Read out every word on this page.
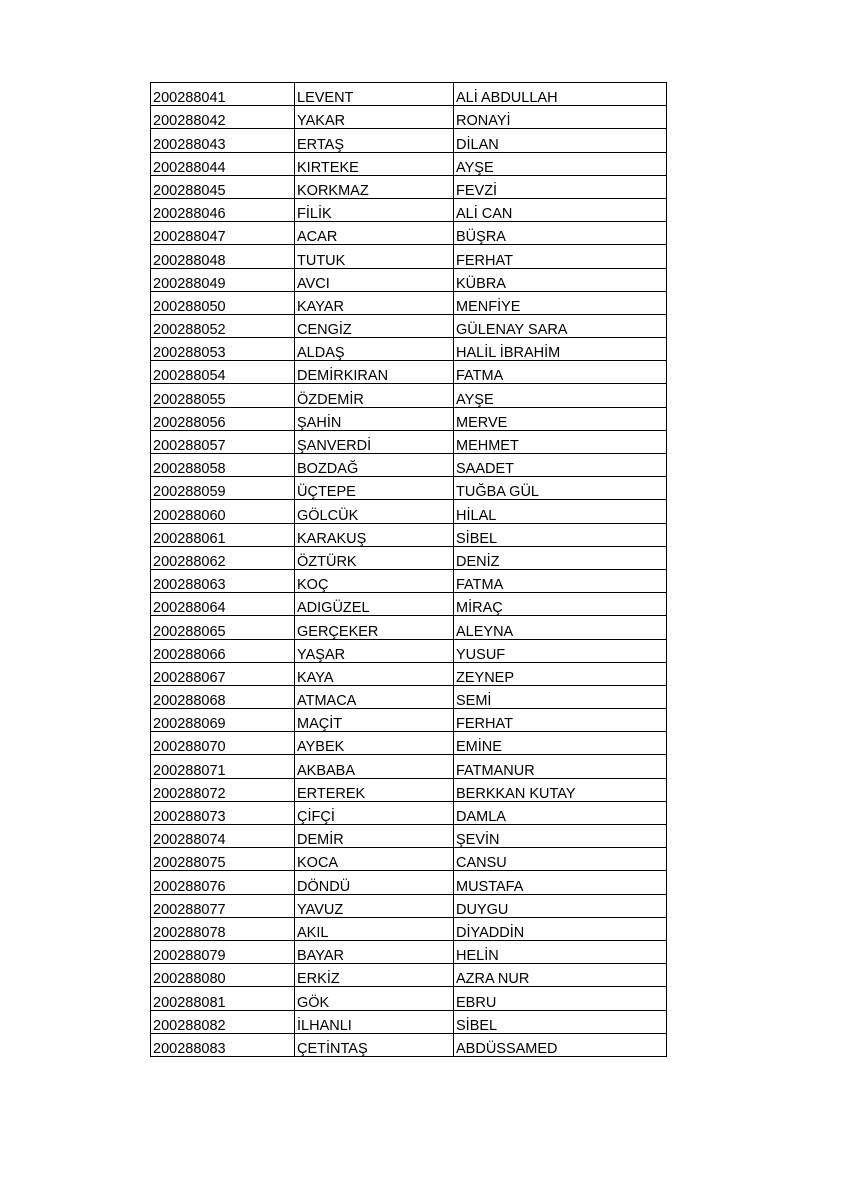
200288041	LEVENT	ALİ ABDULLAH
200288042	YAKAR	RONAYİ
200288043	ERTAŞ	DİLAN
200288044	KIRTEKE	AYŞE
200288045	KORKMAZ	FEVZİ
200288046	FİLİK	ALİ CAN
200288047	ACAR	BÜŞRA
200288048	TUTUK	FERHAT
200288049	AVCI	KÜBRA
200288050	KAYAR	MENFİYE
200288052	CENGİZ	GÜLENAY SARA
200288053	ALDAŞ	HALİL İBRAHİM
200288054	DEMİRKIRAN	FATMA
200288055	ÖZDEMİR	AYŞE
200288056	ŞAHİN	MERVE
200288057	ŞANVERDİ	MEHMET
200288058	BOZDAĞ	SAADET
200288059	ÜÇTEPE	TUĞBA GÜL
200288060	GÖLCÜK	HİLAL
200288061	KARAKUŞ	SİBEL
200288062	ÖZTÜRK	DENİZ
200288063	KOÇ	FATMA
200288064	ADIGÜZEL	MİRAÇ
200288065	GERÇEKER	ALEYNA
200288066	YAŞAR	YUSUF
200288067	KAYA	ZEYNEP
200288068	ATMACA	SEMİ
200288069	MAÇİT	FERHAT
200288070	AYBEK	EMİNE
200288071	AKBABA	FATMANUR
200288072	ERTEREK	BERKKAN KUTAY
200288073	ÇİFÇİ	DAMLA
200288074	DEMİR	ŞEVİN
200288075	KOCA	CANSU
200288076	DÖNDÜ	MUSTAFA
200288077	YAVUZ	DUYGU
200288078	AKIL	DİYADDİN
200288079	BAYAR	HELİN
200288080	ERKİZ	AZRA NUR
200288081	GÖK	EBRU
200288082	İLHANLI	SİBEL
200288083	ÇETİNTAŞ	ABDÜSSAMED
